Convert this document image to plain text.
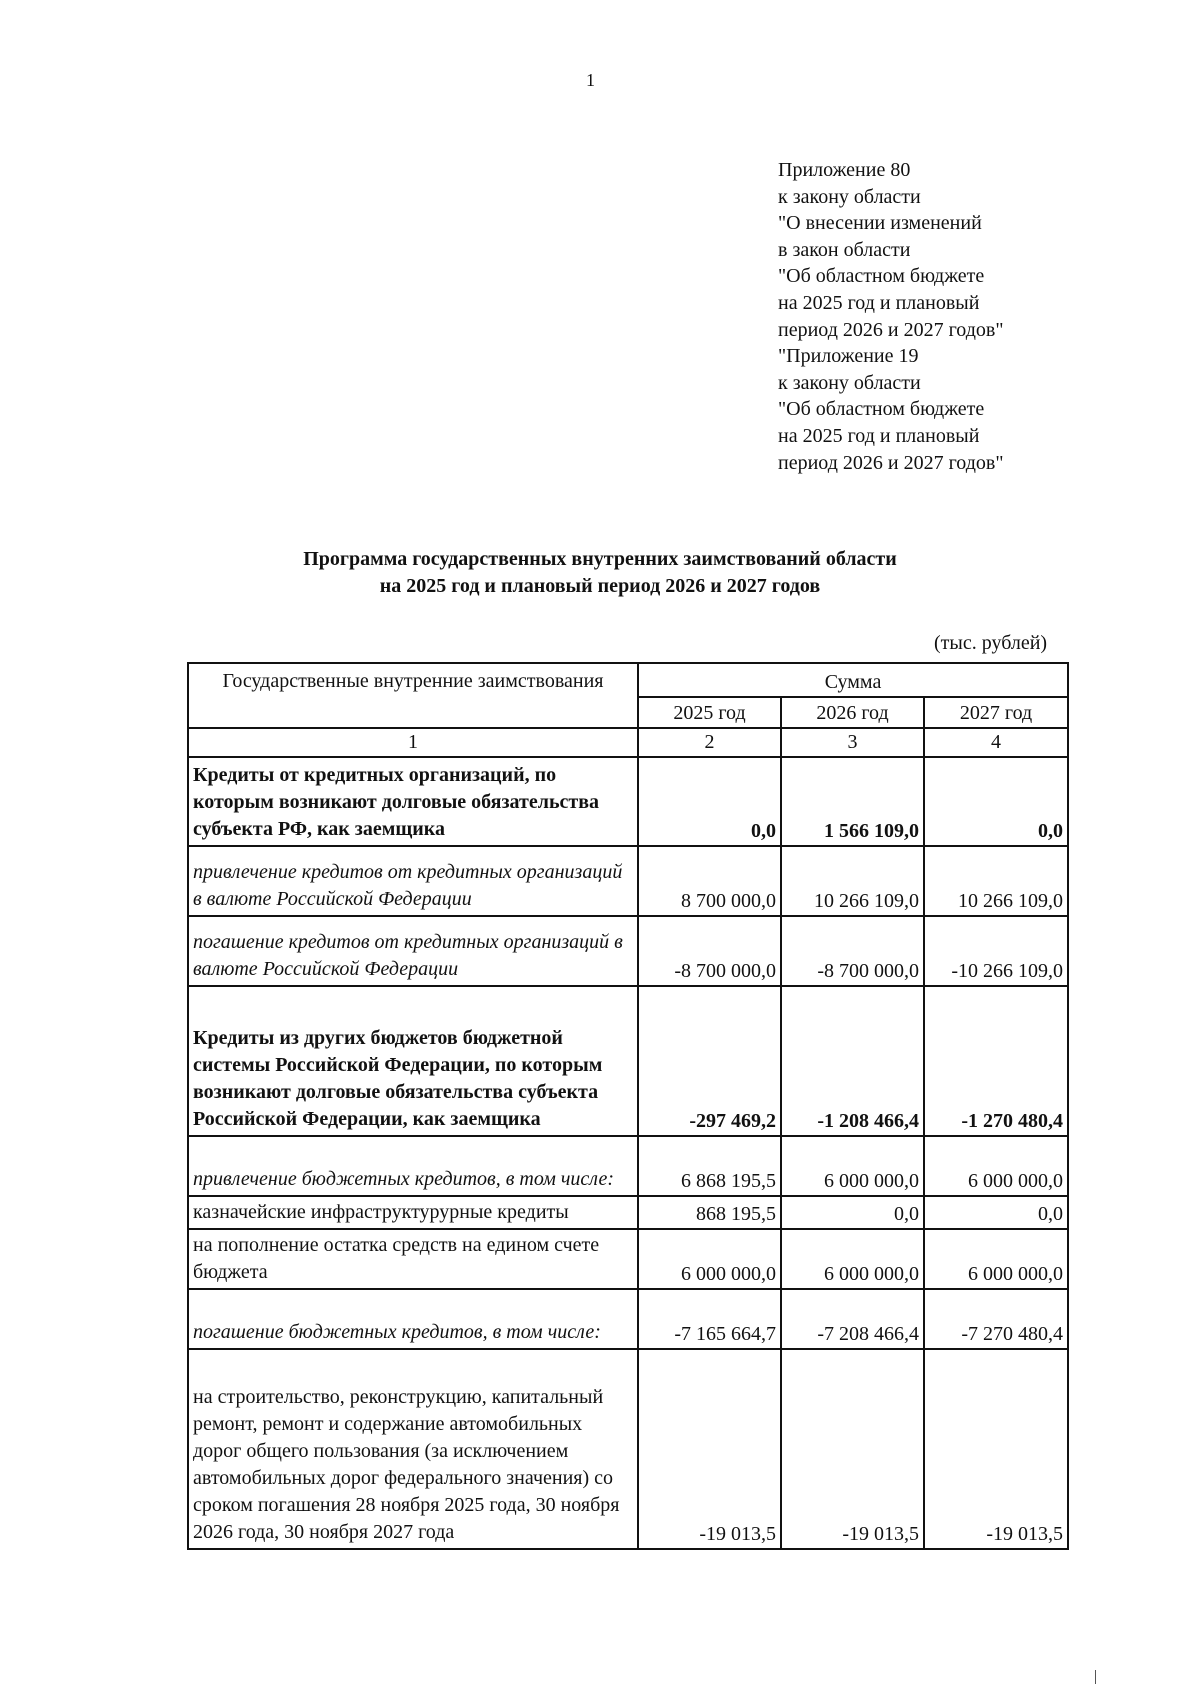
1
Приложение 80
к закону области
"О внесении изменений
в закон области
"Об областном бюджете
на 2025 год и плановый
период 2026 и 2027 годов"
"Приложение 19
к закону области
"Об областном бюджете
на 2025 год и плановый
период 2026 и 2027 годов"
Программа государственных внутренних заимствований области
на 2025 год и плановый период 2026 и 2027 годов
(тыс. рублей)
Государственные внутренние заимствования	Сумма		
	2025 год	2026 год	2027 год
1	2	3	4
Кредиты от кредитных организаций, по которым возникают долговые обязательства субъекта РФ, как заемщика	0,0	1 566 109,0	0,0
привлечение кредитов от кредитных организаций в валюте Российской Федерации	8 700 000,0	10 266 109,0	10 266 109,0
погашение кредитов от кредитных организаций в валюте Российской Федерации	-8 700 000,0	-8 700 000,0	-10 266 109,0
Кредиты из других бюджетов бюджетной системы Российской Федерации, по которым возникают долговые обязательства субъекта Российской Федерации, как заемщика	-297 469,2	-1 208 466,4	-1 270 480,4
привлечение бюджетных кредитов, в том числе:	6 868 195,5	6 000 000,0	6 000 000,0
казначейские инфраструктурурные кредиты	868 195,5	0,0	0,0
на пополнение остатка средств на едином счете бюджета	6 000 000,0	6 000 000,0	6 000 000,0
погашение бюджетных кредитов, в том числе:	-7 165 664,7	-7 208 466,4	-7 270 480,4
на строительство, реконструкцию, капитальный ремонт, ремонт и содержание автомобильных дорог общего пользования (за исключением автомобильных дорог федерального значения) со сроком погашения 28 ноября 2025 года, 30 ноября 2026 года, 30 ноября 2027 года	-19 013,5	-19 013,5	-19 013,5
